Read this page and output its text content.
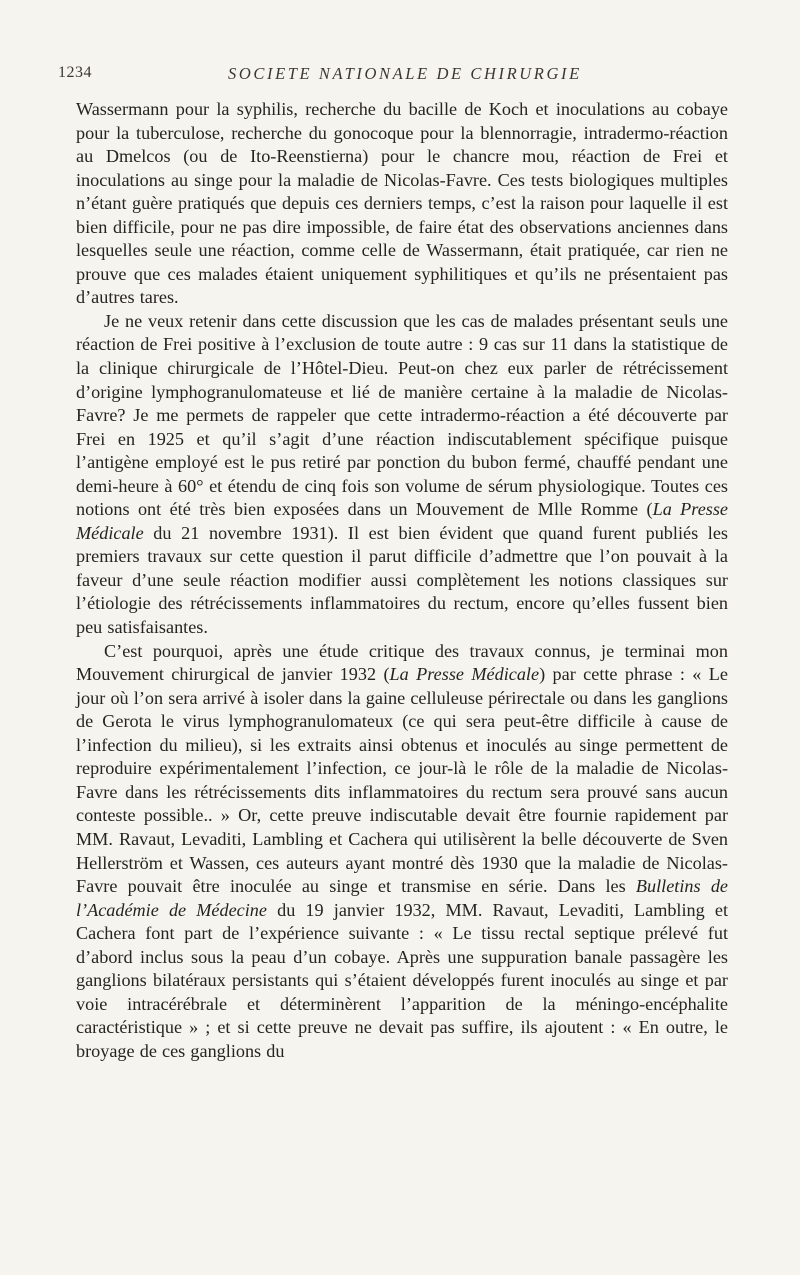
1234	SOCIETE NATIONALE DE CHIRURGIE

Wassermann pour la syphilis, recherche du bacille de Koch et inoculations au cobaye pour la tuberculose, recherche du gonocoque pour la blennorragie, intradermo-réaction au Dmelcos (ou de Ito-Reenstierna) pour le chancre mou, réaction de Frei et inoculations au singe pour la maladie de Nicolas-Favre. Ces tests biologiques multiples n’étant guère pratiqués que depuis ces derniers temps, c’est la raison pour laquelle il est bien difficile, pour ne pas dire impossible, de faire état des observations anciennes dans lesquelles seule une réaction, comme celle de Wassermann, était pratiquée, car rien ne prouve que ces malades étaient uniquement syphilitiques et qu’ils ne présentaient pas d’autres tares.

Je ne veux retenir dans cette discussion que les cas de malades présentant seuls une réaction de Frei positive à l’exclusion de toute autre : 9 cas sur 11 dans la statistique de la clinique chirurgicale de l’Hôtel-Dieu. Peut-on chez eux parler de rétrécissement d’origine lymphogranulomateuse et lié de manière certaine à la maladie de Nicolas-Favre? Je me permets de rappeler que cette intradermo-réaction a été découverte par Frei en 1925 et qu’il s’agit d’une réaction indiscutablement spécifique puisque l’antigène employé est le pus retiré par ponction du bubon fermé, chauffé pendant une demi-heure à 60° et étendu de cinq fois son volume de sérum physiologique. Toutes ces notions ont été très bien exposées dans un Mouvement de Mlle Romme (La Presse Médicale du 21 novembre 1931). Il est bien évident que quand furent publiés les premiers travaux sur cette question il parut difficile d’admettre que l’on pouvait à la faveur d’une seule réaction modifier aussi complètement les notions classiques sur l’étiologie des rétrécissements inflammatoires du rectum, encore qu’elles fussent bien peu satisfaisantes.

C’est pourquoi, après une étude critique des travaux connus, je terminai mon Mouvement chirurgical de janvier 1932 (La Presse Médicale) par cette phrase : « Le jour où l’on sera arrivé à isoler dans la gaine celluleuse périrectale ou dans les ganglions de Gerota le virus lymphogranulomateux (ce qui sera peut-être difficile à cause de l’infection du milieu), si les extraits ainsi obtenus et inoculés au singe permettent de reproduire expérimentalement l’infection, ce jour-là le rôle de la maladie de Nicolas-Favre dans les rétrécissements dits inflammatoires du rectum sera prouvé sans aucun conteste possible.. » Or, cette preuve indiscutable devait être fournie rapidement par MM. Ravaut, Levaditi, Lambling et Cachera qui utilisèrent la belle découverte de Sven Hellerström et Wassen, ces auteurs ayant montré dès 1930 que la maladie de Nicolas-Favre pouvait être inoculée au singe et transmise en série. Dans les Bulletins de l’Académie de Médecine du 19 janvier 1932, MM. Ravaut, Levaditi, Lambling et Cachera font part de l’expérience suivante : « Le tissu rectal septique prélevé fut d’abord inclus sous la peau d’un cobaye. Après une suppuration banale passagère les ganglions bilatéraux persistants qui s’étaient développés furent inoculés au singe et par voie intracérébrale et déterminèrent l’apparition de la méningo-encéphalite caractéristique » ; et si cette preuve ne devait pas suffire, ils ajoutent : « En outre, le broyage de ces ganglions du
